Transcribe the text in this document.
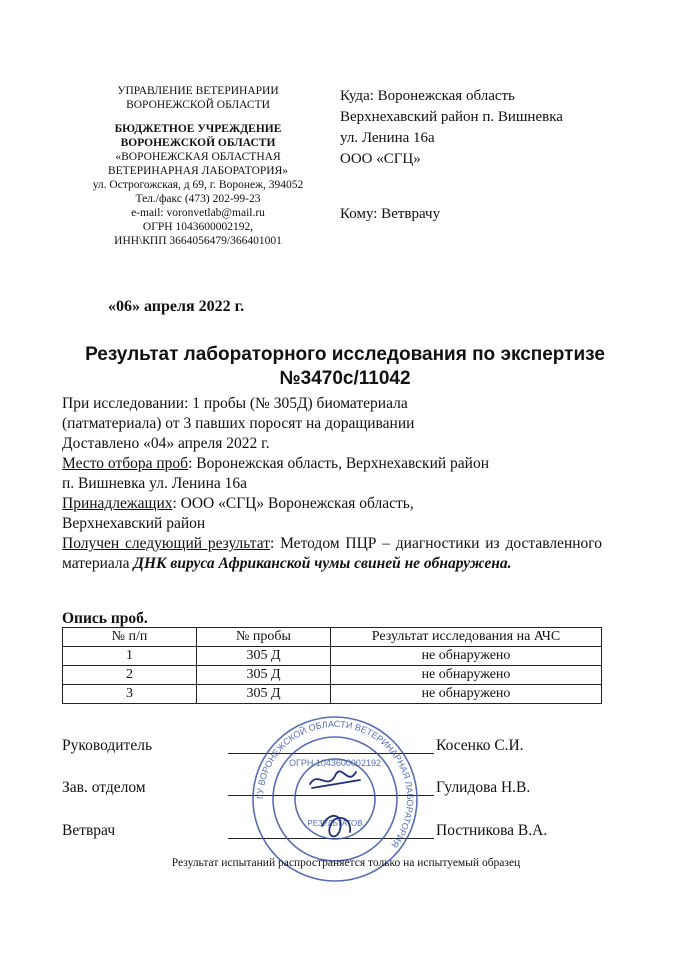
УПРАВЛЕНИЕ ВЕТЕРИНАРИИ
ВОРОНЕЖСКОЙ ОБЛАСТИ
БЮДЖЕТНОЕ УЧРЕЖДЕНИЕ
ВОРОНЕЖСКОЙ ОБЛАСТИ
«ВОРОНЕЖСКАЯ ОБЛАСТНАЯ
ВЕТЕРИНАРНАЯ ЛАБОРАТОРИЯ»
ул. Острогожская, д 69, г. Воронеж, 394052
Тел./факс (473) 202-99-23
e-mail: voronvetlab@mail.ru
ОГРН 1043600002192,
ИНН\КПП 3664056479/366401001
Куда: Воронежская область
Верхнехавский район п. Вишневка
ул. Ленина 16а
ООО «СГЦ»
Кому: Ветврачу
«06» апреля 2022 г.
Результат лабораторного исследования по экспертизе
№3470с/11042

При исследовании: 1 пробы (№ 305Д) биоматериала

(патматериала) от 3 павших поросят на доращивании

Доставлено «04» апреля 2022 г.

Место отбора проб: Воронежская область, Верхнехавский район

п. Вишневка ул. Ленина 16а

Принадлежащих: ООО «СГЦ» Воронежская область,

Верхнехавский район

Получен следующий результат: Методом ПЦР – диагностики из доставленного материала ДНК вируса Африканской чумы свиней не обнаружена.

Опись проб.
№ п/п	№ пробы	Результат исследования на АЧС
1	305 Д	не обнаружено
2	305 Д	не обнаружено
3	305 Д	не обнаружено
Руководитель	Косенко С.И.
Зав. отделом	Гулидова Н.В.
Ветврач	Постникова В.А.
ГУ ВОРОНЕЖСКОЙ ОБЛАСТИ ВЕТЕРИНАРНАЯ ЛАБОРАТОРИЯ
ОГРН 1043600002192
РЕЗУЛЬТАТОВ
Результат испытаний распространяется только на испытуемый образец
